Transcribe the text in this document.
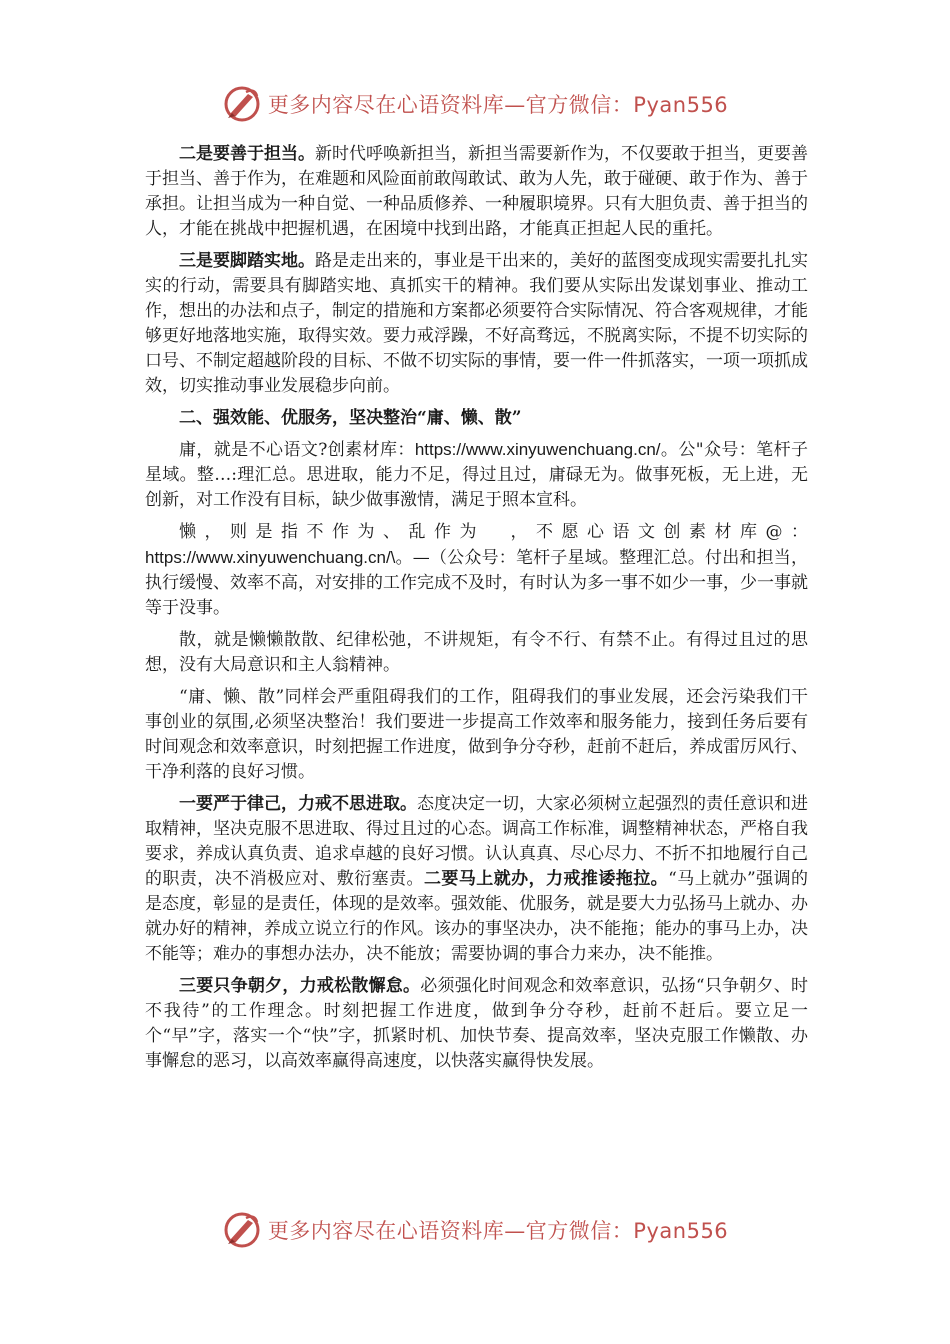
更多内容尽在心语资料库—官方微信：Pyan556

二是要善于担当。新时代呼唤新担当，新担当需要新作为，不仅要敢于担当，更要善于担当、善于作为，在难题和风险面前敢闯敢试、敢为人先，敢于碰硬、敢于作为、善于承担。让担当成为一种自觉、一种品质修养、一种履职境界。只有大胆负责、善于担当的人，才能在挑战中把握机遇，在困境中找到出路，才能真正担起人民的重托。

三是要脚踏实地。路是走出来的，事业是干出来的，美好的蓝图变成现实需要扎扎实实的行动，需要具有脚踏实地、真抓实干的精神。我们要从实际出发谋划事业、推动工作，想出的办法和点子，制定的措施和方案都必须要符合实际情况、符合客观规律，才能够更好地落地实施，取得实效。要力戒浮躁，不好高骛远，不脱离实际，不提不切实际的口号、不制定超越阶段的目标、不做不切实际的事情，要一件一件抓落实，一项一项抓成效，切实推动事业发展稳步向前。

二、强效能、优服务，坚决整治“庸、懒、散”

庸，就是不心语文?创素材库：https://www.xinyuwenchuang.cn/。公"众号：笔杆子星域。整…:理汇总。思进取，能力不足，得过且过，庸碌无为。做事死板，无上进，无创新，对工作没有目标，缺少做事激情，满足于照本宣科。

懒，则是指不作为、乱作为　，不愿心语文创素材库@：https://www.xinyuwenchuang.cn/\。—（公众号：笔杆子星域。整理汇总。付出和担当，执行缓慢、效率不高，对安排的工作完成不及时，有时认为多一事不如少一事，少一事就等于没事。

散，就是懒懒散散、纪律松弛，不讲规矩，有令不行、有禁不止。有得过且过的思想，没有大局意识和主人翁精神。

“庸、懒、散”同样会严重阻碍我们的工作，阻碍我们的事业发展，还会污染我们干事创业的氛围,必须坚决整治！我们要进一步提高工作效率和服务能力，接到任务后要有时间观念和效率意识，时刻把握工作进度，做到争分夺秒，赶前不赶后，养成雷厉风行、干净利落的良好习惯。

一要严于律己，力戒不思进取。态度决定一切，大家必须树立起强烈的责任意识和进取精神，坚决克服不思进取、得过且过的心态。调高工作标准，调整精神状态，严格自我要求，养成认真负责、追求卓越的良好习惯。认认真真、尽心尽力、不折不扣地履行自己的职责，决不消极应对、敷衍塞责。二要马上就办，力戒推诿拖拉。“马上就办”强调的是态度，彰显的是责任，体现的是效率。强效能、优服务，就是要大力弘扬马上就办、办就办好的精神，养成立说立行的作风。该办的事坚决办，决不能拖；能办的事马上办，决不能等；难办的事想办法办，决不能放；需要协调的事合力来办，决不能推。

三要只争朝夕，力戒松散懈怠。必须强化时间观念和效率意识，弘扬“只争朝夕、时不我待”的工作理念。时刻把握工作进度，做到争分夺秒，赶前不赶后。要立足一个“早”字，落实一个“快”字，抓紧时机、加快节奏、提高效率，坚决克服工作懒散、办事懈怠的恶习，以高效率赢得高速度，以快落实赢得快发展。

更多内容尽在心语资料库—官方微信：Pyan556
